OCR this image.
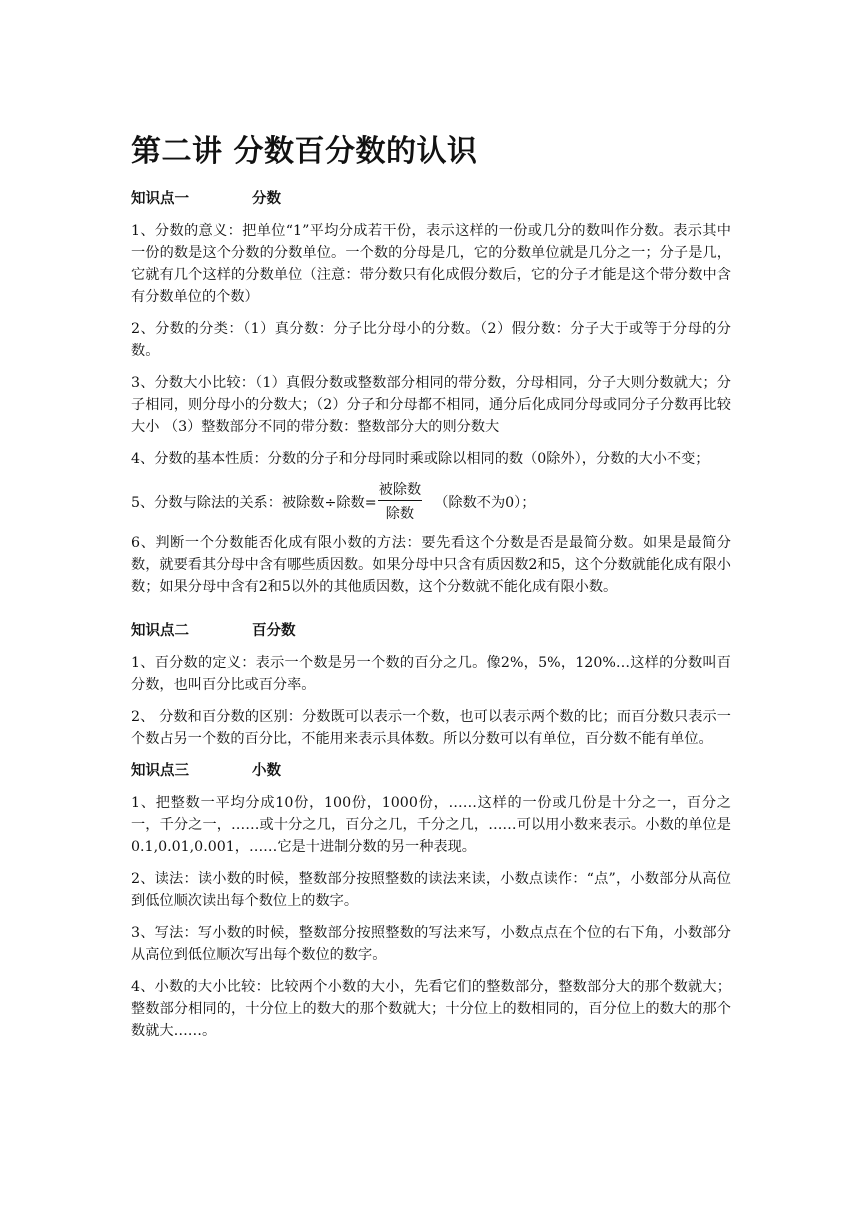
第二讲 分数百分数的认识
知识点一	分数

1、分数的意义：把单位“1”平均分成若干份，表示这样的一份或几分的数叫作分数。表示其中一份的数是这个分数的分数单位。一个数的分母是几，它的分数单位就是几分之一；分子是几，它就有几个这样的分数单位（注意：带分数只有化成假分数后，它的分子才能是这个带分数中含有分数单位的个数）

2、分数的分类：（1）真分数：分子比分母小的分数。（2）假分数：分子大于或等于分母的分数。

3、分数大小比较：（1）真假分数或整数部分相同的带分数，分母相同，分子大则分数就大；分子相同，则分母小的分数大；（2）分子和分母都不相同，通分后化成同分母或同分子分数再比较大小 （3）整数部分不同的带分数：整数部分大的则分数大

4、分数的基本性质：分数的分子和分母同时乘或除以相同的数（0除外），分数的大小不变；

5、分数与除法的关系：被除数÷除数= $\frac{\text{被除数}}{\text{除数}}$ （除数不为0）；

6、判断一个分数能否化成有限小数的方法：要先看这个分数是否是最简分数。如果是最简分数，就要看其分母中含有哪些质因数。如果分母中只含有质因数2和5，这个分数就能化成有限小数；如果分母中含有2和5以外的其他质因数，这个分数就不能化成有限小数。

知识点二	百分数

1、百分数的定义：表示一个数是另一个数的百分之几。像2%，5%，120%…这样的分数叫百分数，也叫百分比或百分率。

2、 分数和百分数的区别：分数既可以表示一个数，也可以表示两个数的比；而百分数只表示一个数占另一个数的百分比，不能用来表示具体数。所以分数可以有单位，百分数不能有单位。

知识点三	小数

1、把整数一平均分成10份，100份，1000份，……这样的一份或几份是十分之一，百分之一，千分之一，……或十分之几，百分之几，千分之几，……可以用小数来表示。小数的单位是0.1,0.01,0.001，……它是十进制分数的另一种表现。

2、读法：读小数的时候，整数部分按照整数的读法来读，小数点读作：“点”，小数部分从高位到低位顺次读出每个数位上的数字。

3、写法：写小数的时候，整数部分按照整数的写法来写，小数点点在个位的右下角，小数部分从高位到低位顺次写出每个数位的数字。

4、小数的大小比较：比较两个小数的大小，先看它们的整数部分，整数部分大的那个数就大；整数部分相同的，十分位上的数大的那个数就大；十分位上的数相同的，百分位上的数大的那个数就大……。
